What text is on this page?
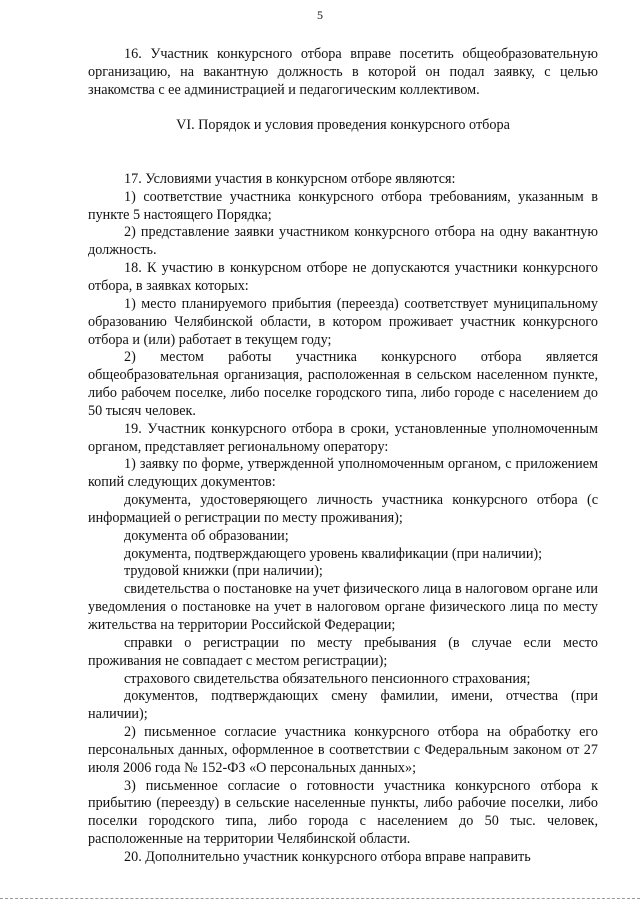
5

16. Участник конкурсного отбора вправе посетить общеобразовательную организацию, на вакантную должность в которой он подал заявку, с целью знакомства с ее администрацией и педагогическим коллективом.

VI. Порядок и условия проведения конкурсного отбора

17. Условиями участия в конкурсном отборе являются:

1) соответствие участника конкурсного отбора требованиям, указанным в пункте 5 настоящего Порядка;

2) представление заявки участником конкурсного отбора на одну вакантную должность.

18. К участию в конкурсном отборе не допускаются участники конкурсного отбора, в заявках которых:

1) место планируемого прибытия (переезда) соответствует муниципальному образованию Челябинской области, в котором проживает участник конкурсного отбора и (или) работает в текущем году;

2) местом работы участника конкурсного отбора является общеобразовательная организация, расположенная в сельском населенном пункте, либо рабочем поселке, либо поселке городского типа, либо городе с населением до 50 тысяч человек.

19. Участник конкурсного отбора в сроки, установленные уполномоченным органом, представляет региональному оператору:

1) заявку по форме, утвержденной уполномоченным органом, с приложением копий следующих документов:

документа, удостоверяющего личность участника конкурсного отбора (с информацией о регистрации по месту проживания);

документа об образовании;

документа, подтверждающего уровень квалификации (при наличии);

трудовой книжки (при наличии);

свидетельства о постановке на учет физического лица в налоговом органе или уведомления о постановке на учет в налоговом органе физического лица по месту жительства на территории Российской Федерации;

справки о регистрации по месту пребывания (в случае если место проживания не совпадает с местом регистрации);

страхового свидетельства обязательного пенсионного страхования;

документов, подтверждающих смену фамилии, имени, отчества (при наличии);

2) письменное согласие участника конкурсного отбора на обработку его персональных данных, оформленное в соответствии с Федеральным законом от 27 июля 2006 года № 152-ФЗ «О персональных данных»;

3) письменное согласие о готовности участника конкурсного отбора к прибытию (переезду) в сельские населенные пункты, либо рабочие поселки, либо поселки городского типа, либо города с населением до 50 тыс. человек, расположенные на территории Челябинской области.

20. Дополнительно участник конкурсного отбора вправе направить
